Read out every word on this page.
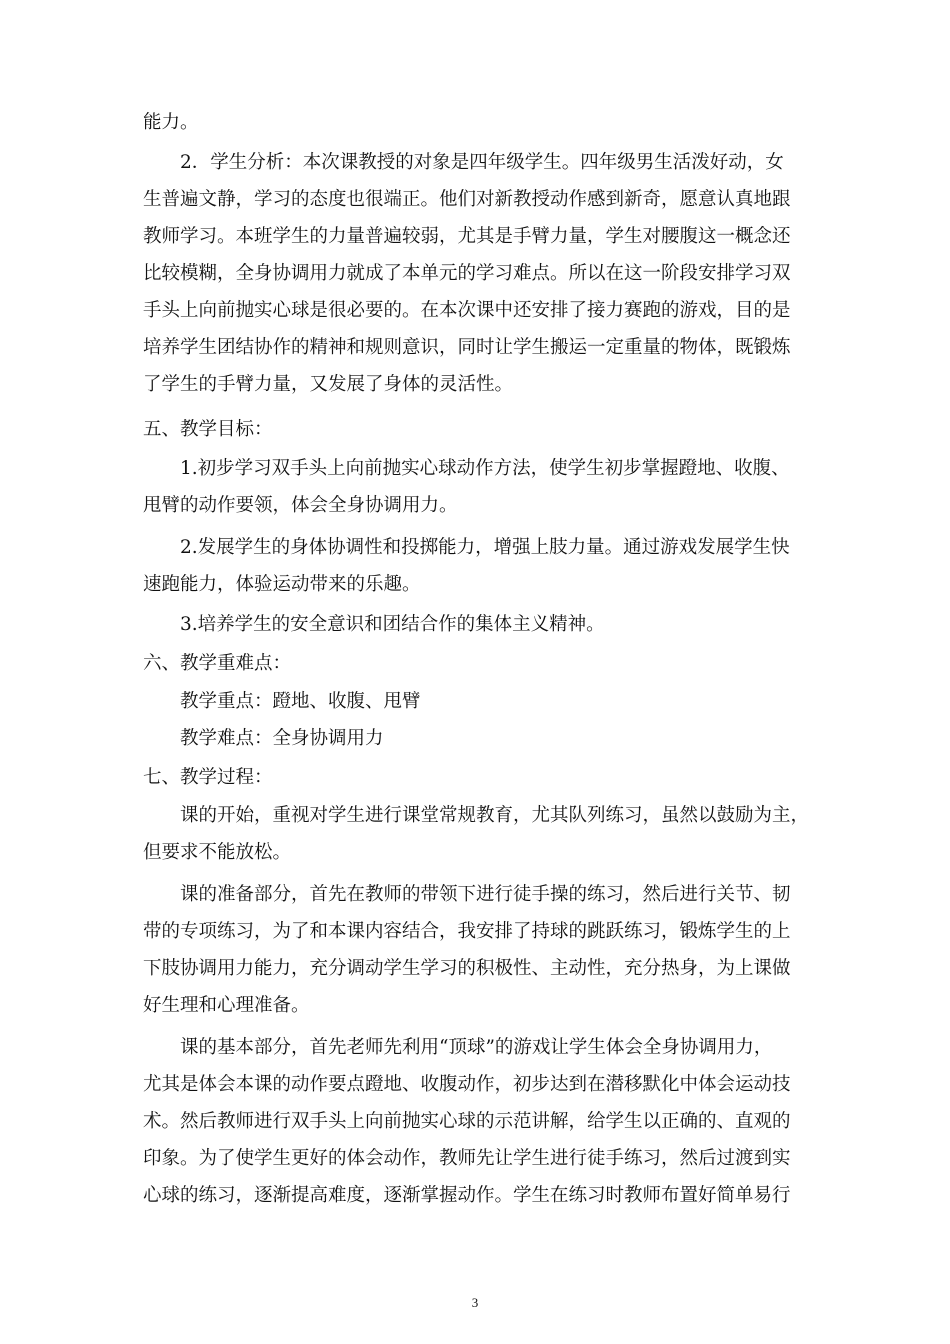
能力。
2．学生分析：本次课教授的对象是四年级学生。四年级男生活泼好动，女
生普遍文静，学习的态度也很端正。他们对新教授动作感到新奇，愿意认真地跟
教师学习。本班学生的力量普遍较弱，尤其是手臂力量，学生对腰腹这一概念还
比较模糊，全身协调用力就成了本单元的学习难点。所以在这一阶段安排学习双
手头上向前抛实心球是很必要的。在本次课中还安排了接力赛跑的游戏，目的是
培养学生团结协作的精神和规则意识，同时让学生搬运一定重量的物体，既锻炼
了学生的手臂力量，又发展了身体的灵活性。
五、教学目标：
1.初步学习双手头上向前抛实心球动作方法，使学生初步掌握蹬地、收腹、
甩臂的动作要领，体会全身协调用力。
2.发展学生的身体协调性和投掷能力，增强上肢力量。通过游戏发展学生快
速跑能力，体验运动带来的乐趣。
3.培养学生的安全意识和团结合作的集体主义精神。
六、教学重难点：
教学重点：蹬地、收腹、甩臂
教学难点：全身协调用力
七、教学过程：
课的开始，重视对学生进行课堂常规教育，尤其队列练习，虽然以鼓励为主，
但要求不能放松。
课的准备部分，首先在教师的带领下进行徒手操的练习，然后进行关节、韧
带的专项练习，为了和本课内容结合，我安排了持球的跳跃练习，锻炼学生的上
下肢协调用力能力，充分调动学生学习的积极性、主动性，充分热身，为上课做
好生理和心理准备。
课的基本部分，首先老师先利用“顶球”的游戏让学生体会全身协调用力，
尤其是体会本课的动作要点蹬地、收腹动作，初步达到在潜移默化中体会运动技
术。然后教师进行双手头上向前抛实心球的示范讲解，给学生以正确的、直观的
印象。为了使学生更好的体会动作，教师先让学生进行徒手练习，然后过渡到实
心球的练习，逐渐提高难度，逐渐掌握动作。学生在练习时教师布置好简单易行
3
